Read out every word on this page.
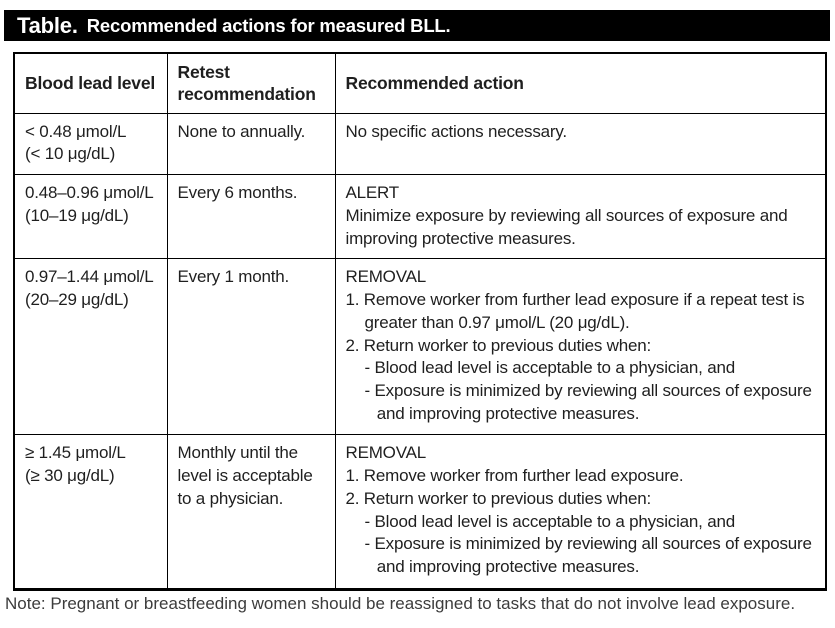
Table. Recommended actions for measured BLL.
Blood lead level	Retest recommendation	Recommended action

< 0.48 μmol/L
(< 10 μg/dL)	None to annually.	No specific actions necessary.

0.48–0.96 μmol/L
(10–19 μg/dL)
	Every 6 months.	ALERT
Minimize exposure by reviewing all sources of exposure and improving protective measures.

0.97–1.44 μmol/L
(20–29 μg/dL)
	Every 1 month.	REMOVAL
1. Remove worker from further lead exposure if a repeat test is greater than 0.97 μmol/L (20 μg/dL).
2. Return worker to previous duties when:
- Blood lead level is acceptable to a physician, and
- Exposure is minimized by reviewing all sources of exposure and improving protective measures.

≥ 1.45 μmol/L
(≥ 30 μg/dL)
	Monthly until the level is acceptable to a physician.	
REMOVAL
1. Remove worker from further lead exposure.
2. Return worker to previous duties when:
- Blood lead level is acceptable to a physician, and
- Exposure is minimized by reviewing all sources of exposure and improving protective measures.
Note: Pregnant or breastfeeding women should be reassigned to tasks that do not involve lead exposure.
